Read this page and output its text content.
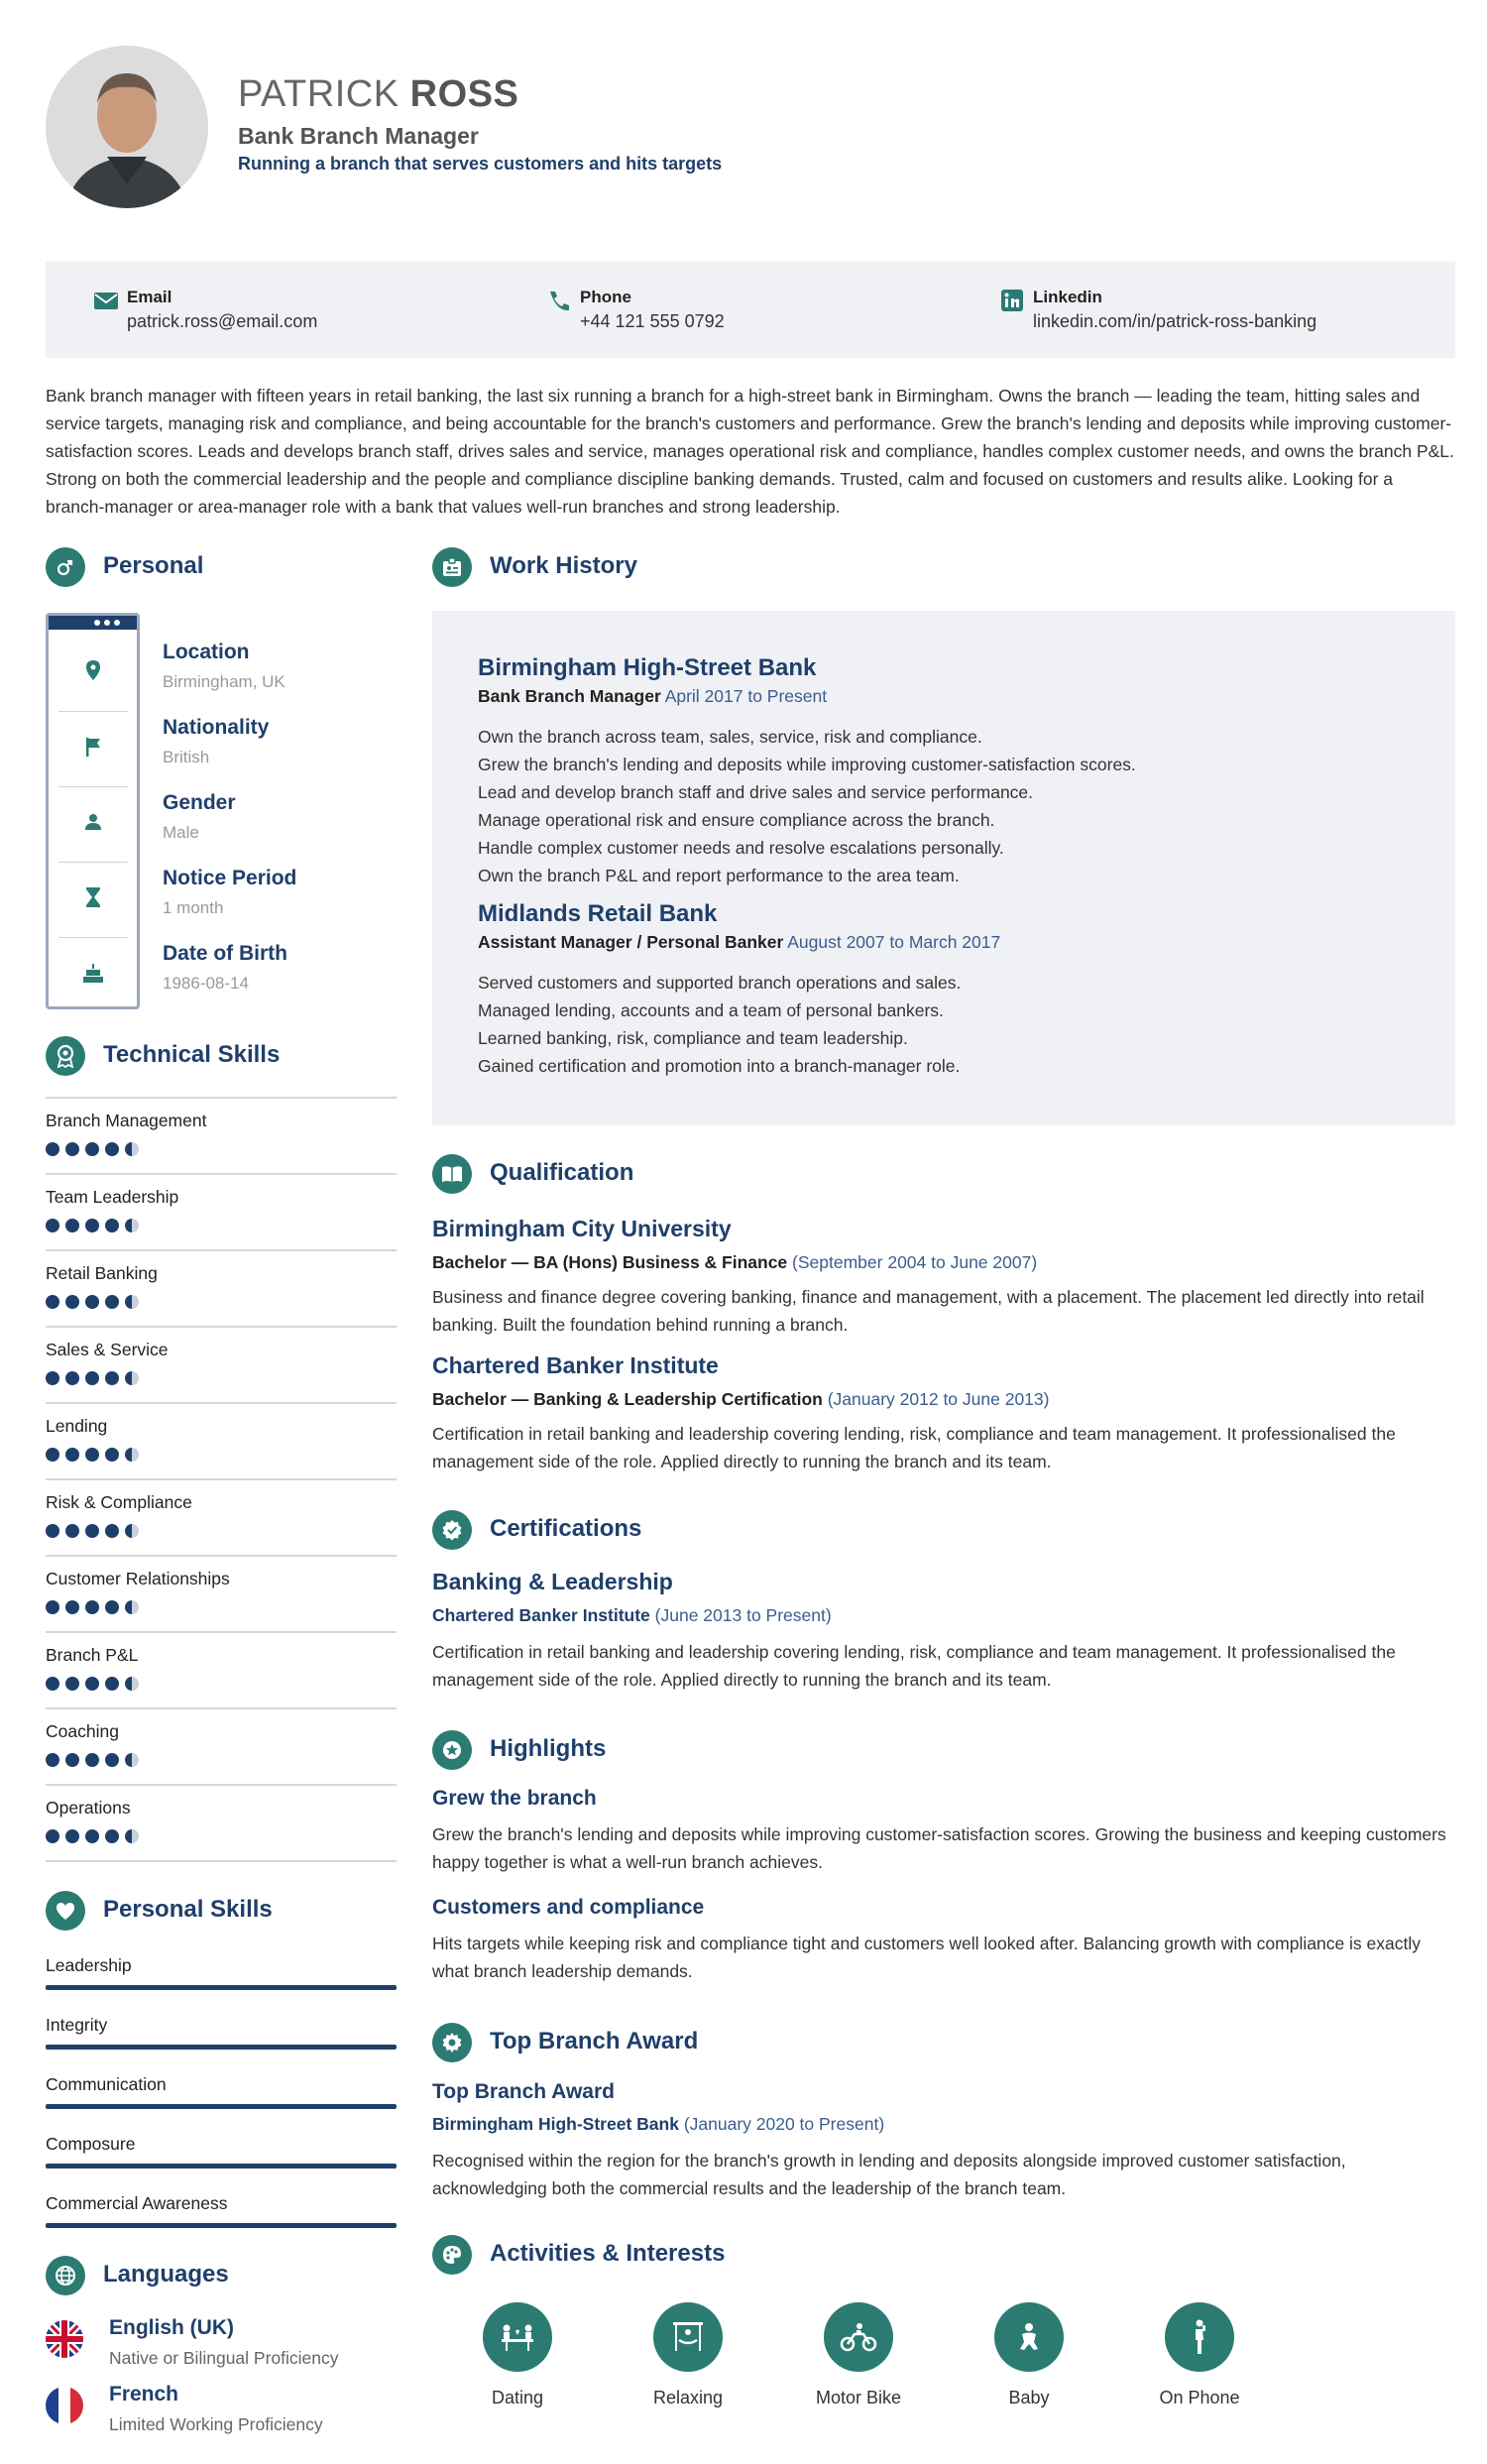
PATRICK ROSS
Bank Branch Manager
Running a branch that serves customers and hits targets
Email
patrick.ross@email.com
Phone
+44 121 555 0792
Linkedin
linkedin.com/in/patrick-ross-banking
Bank branch manager with fifteen years in retail banking, the last six running a branch for a high-street bank in Birmingham. Owns the branch — leading the team, hitting sales and service targets, managing risk and compliance, and being accountable for the branch's customers and performance. Grew the branch's lending and deposits while improving customer-satisfaction scores. Leads and develops branch staff, drives sales and service, manages operational risk and compliance, handles complex customer needs, and owns the branch P&L. Strong on both the commercial leadership and the people and compliance discipline banking demands. Trusted, calm and focused on customers and results alike. Looking for a branch-manager or area-manager role with a bank that values well-run branches and strong leadership.
Personal
Location
Birmingham, UK
Nationality
British
Gender
Male
Notice Period
1 month
Date of Birth
1986-08-14
Technical Skills
Branch Management
Team Leadership
Retail Banking
Sales & Service
Lending
Risk & Compliance
Customer Relationships
Branch P&L
Coaching
Operations
Personal Skills
Leadership
Integrity
Communication
Composure
Commercial Awareness
Languages
English (UK)
Native or Bilingual Proficiency
French
Limited Working Proficiency
Work History
Birmingham High-Street Bank
Bank Branch Manager April 2017 to Present
Own the branch across team, sales, service, risk and compliance.
Grew the branch's lending and deposits while improving customer-satisfaction scores.
Lead and develop branch staff and drive sales and service performance.
Manage operational risk and ensure compliance across the branch.
Handle complex customer needs and resolve escalations personally.
Own the branch P&L and report performance to the area team.
Midlands Retail Bank
Assistant Manager / Personal Banker August 2007 to March 2017
Served customers and supported branch operations and sales.
Managed lending, accounts and a team of personal bankers.
Learned banking, risk, compliance and team leadership.
Gained certification and promotion into a branch-manager role.
Qualification
Birmingham City University
Bachelor — BA (Hons) Business & Finance (September 2004 to June 2007)
Business and finance degree covering banking, finance and management, with a placement. The placement led directly into retail banking. Built the foundation behind running a branch.
Chartered Banker Institute
Bachelor — Banking & Leadership Certification (January 2012 to June 2013)
Certification in retail banking and leadership covering lending, risk, compliance and team management. It professionalised the management side of the role. Applied directly to running the branch and its team.
Certifications
Banking & Leadership
Chartered Banker Institute (June 2013 to Present)
Certification in retail banking and leadership covering lending, risk, compliance and team management. It professionalised the management side of the role. Applied directly to running the branch and its team.
Highlights
Grew the branch
Grew the branch's lending and deposits while improving customer-satisfaction scores. Growing the business and keeping customers happy together is what a well-run branch achieves.
Customers and compliance
Hits targets while keeping risk and compliance tight and customers well looked after. Balancing growth with compliance is exactly what branch leadership demands.
Top Branch Award
Top Branch Award
Birmingham High-Street Bank (January 2020 to Present)
Recognised within the region for the branch's growth in lending and deposits alongside improved customer satisfaction, acknowledging both the commercial results and the leadership of the branch team.
Activities & Interests
Dating	Relaxing	Motor Bike	Baby	On Phone
